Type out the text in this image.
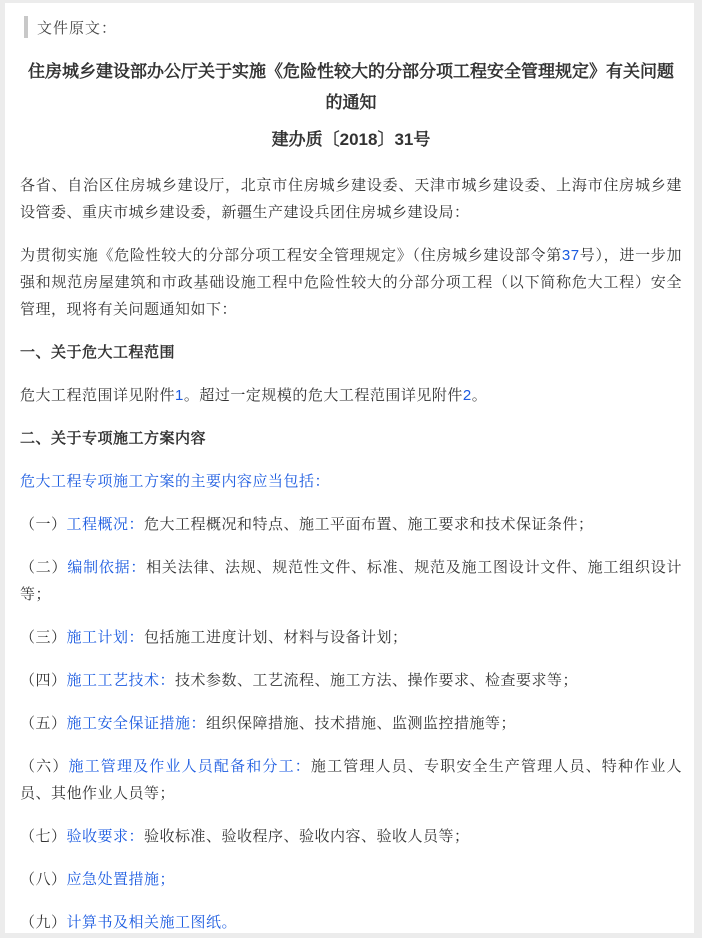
文件原文：
住房城乡建设部办公厅关于实施《危险性较大的分部分项工程安全管理规定》有关问题的通知
建办质〔2018〕31号

各省、自治区住房城乡建设厅，北京市住房城乡建设委、天津市城乡建设委、上海市住房城乡建设管委、重庆市城乡建设委，新疆生产建设兵团住房城乡建设局：

为贯彻实施《危险性较大的分部分项工程安全管理规定》（住房城乡建设部令第37号），进一步加强和规范房屋建筑和市政基础设施工程中危险性较大的分部分项工程（以下简称危大工程）安全管理，现将有关问题通知如下：

一、关于危大工程范围

危大工程范围详见附件1。超过一定规模的危大工程范围详见附件2。

二、关于专项施工方案内容

危大工程专项施工方案的主要内容应当包括：

（一）工程概况：危大工程概况和特点、施工平面布置、施工要求和技术保证条件；

（二）编制依据：相关法律、法规、规范性文件、标准、规范及施工图设计文件、施工组织设计等；

（三）施工计划：包括施工进度计划、材料与设备计划；

（四）施工工艺技术：技术参数、工艺流程、施工方法、操作要求、检查要求等；

（五）施工安全保证措施：组织保障措施、技术措施、监测监控措施等；

（六）施工管理及作业人员配备和分工：施工管理人员、专职安全生产管理人员、特种作业人员、其他作业人员等；

（七）验收要求：验收标准、验收程序、验收内容、验收人员等；

（八）应急处置措施；

（九）计算书及相关施工图纸。
